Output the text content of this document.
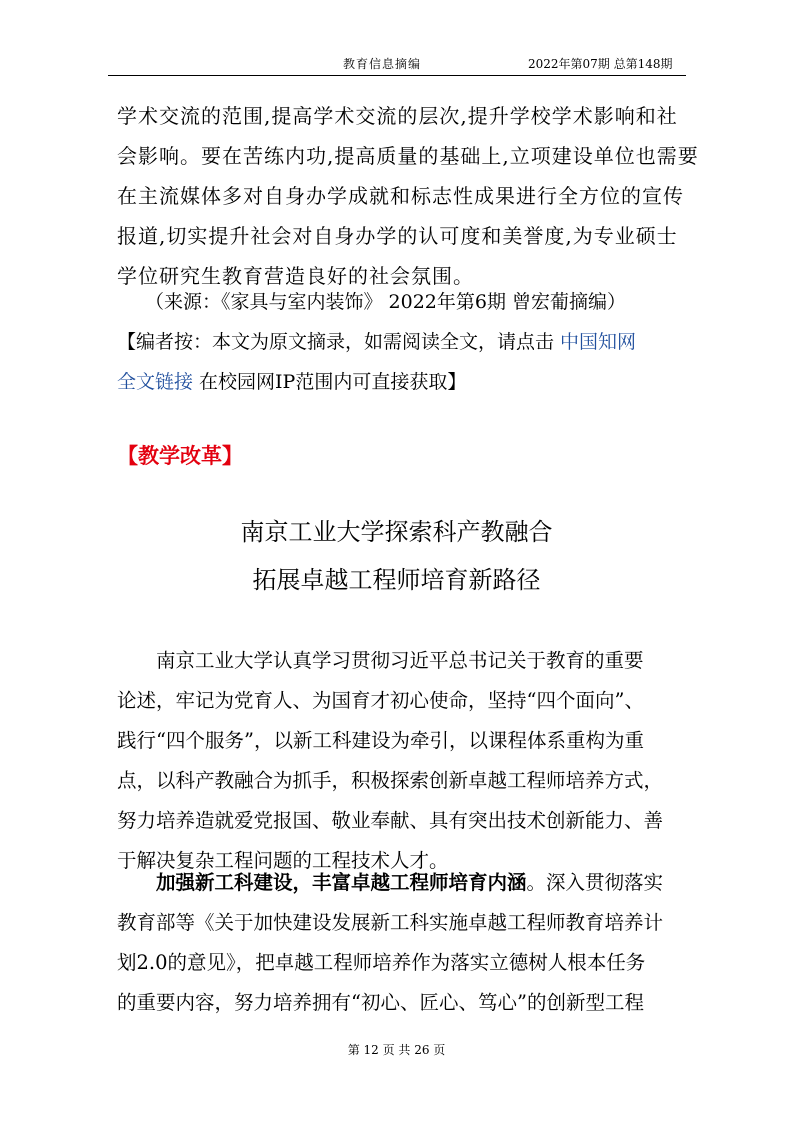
教育信息摘编	2022年第07期 总第148期
学术交流的范围,提高学术交流的层次,提升学校学术影响和社
会影响。要在苦练内功,提高质量的基础上,立项建设单位也需要
在主流媒体多对自身办学成就和标志性成果进行全方位的宣传
报道,切实提升社会对自身办学的认可度和美誉度,为专业硕士
学位研究生教育营造良好的社会氛围。
（来源：《家具与室内装饰》 2022年第6期 曾宏葡摘编）
【编者按：本文为原文摘录，如需阅读全文，请点击 中国知网
全文链接 在校园网IP范围内可直接获取】
【教学改革】
南京工业大学探索科产教融合
拓展卓越工程师培育新路径
　　南京工业大学认真学习贯彻习近平总书记关于教育的重要
论述，牢记为党育人、为国育才初心使命，坚持“四个面向”、
践行“四个服务”，以新工科建设为牵引，以课程体系重构为重
点，以科产教融合为抓手，积极探索创新卓越工程师培养方式，
努力培养造就爱党报国、敬业奉献、具有突出技术创新能力、善
于解决复杂工程问题的工程技术人才。
　　加强新工科建设，丰富卓越工程师培育内涵。深入贯彻落实
教育部等《关于加快建设发展新工科实施卓越工程师教育培养计
划2.0的意见》，把卓越工程师培养作为落实立德树人根本任务
的重要内容，努力培养拥有“初心、匠心、笃心”的创新型工程
第 12 页 共 26 页
